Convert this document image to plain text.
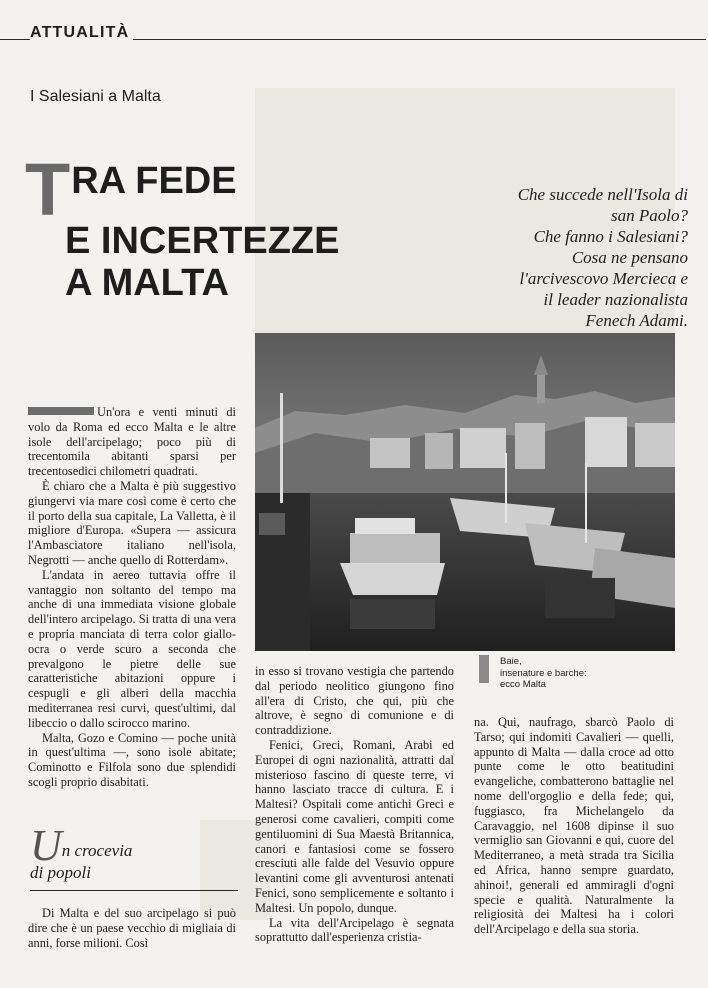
ATTUALITÀ
I Salesiani a Malta
TRA FEDE
E INCERTEZZE
A MALTA
Che succede nell'Isola di
san Paolo?
Che fanno i Salesiani?
Cosa ne pensano
l'arcivescovo Mercieca e
il leader nazionalista
Fenech Adami.
Baie,
insenature e barche:
ecco Malta

Un'ora e venti minuti di volo da Roma ed ecco Malta e le altre isole dell'arcipelago; poco più di trecentomila abitanti sparsi per trecentosedici chilometri quadrati.

È chiaro che a Malta è più suggestivo giungervi via mare così come è certo che il porto della sua capitale, La Valletta, è il migliore d'Europa. «Supera — assicura l'Ambasciatore italiano nell'isola, Negrotti — anche quello di Rotterdam».

L'andata in aereo tuttavia offre il vantaggio non soltanto del tempo ma anche di una immediata visione globale dell'intero arcipelago. Si tratta di una vera e propria manciata di terra color giallo-ocra o verde scuro a seconda che prevalgono le pietre delle sue caratteristiche abitazioni oppure i cespugli e gli alberi della macchia mediterranea resi curvi, quest'ultimi, dal libeccio o dallo scirocco marino.

Malta, Gozo e Comino — poche unità in quest'ultima —, sono isole abitate; Cominotto e Filfola sono due splendidi scogli proprio disabitati.

Un crocevia
di popoli

Di Malta e del suo arcipelago si può dire che è un paese vecchio di migliaia di anni, forse milioni. Così

in esso si trovano vestigia che partendo dal periodo neolitico giungono fino all'era di Cristo, che qui, più che altrove, è segno di comunione e di contraddizione.

Fenici, Greci, Romani, Arabi ed Europei di ogni nazionalità, attratti dal misterioso fascino di queste terre, vi hanno lasciato tracce di cultura. E i Maltesi? Ospitali come antichi Greci e generosi come cavalieri, compiti come gentiluomini di Sua Maestà Britannica, canori e fantasiosi come se fossero cresciuti alle falde del Vesuvio oppure levantini come gli avventurosi antenati Fenici, sono semplicemente e soltanto i Maltesi. Un popolo, dunque.

La vita dell'Arcipelago è segnata soprattutto dall'esperienza cristia-

na. Qui, naufrago, sbarcò Paolo di Tarso; qui indomiti Cavalieri — quelli, appunto di Malta — dalla croce ad otto punte come le otto beatitudini evangeliche, combatterono battaglie nel nome dell'orgoglio e della fede; qui, fuggiasco, fra Michelangelo da Caravaggio, nel 1608 dipinse il suo vermiglio san Giovanni e qui, cuore del Mediterraneo, a metà strada tra Sicilia ed Africa, hanno sempre guardato, ahinoi!, generali ed ammiragli d'ogni specie e qualità. Naturalmente la religiosità dei Maltesi ha i colori dell'Arcipelago e della sua storia.
